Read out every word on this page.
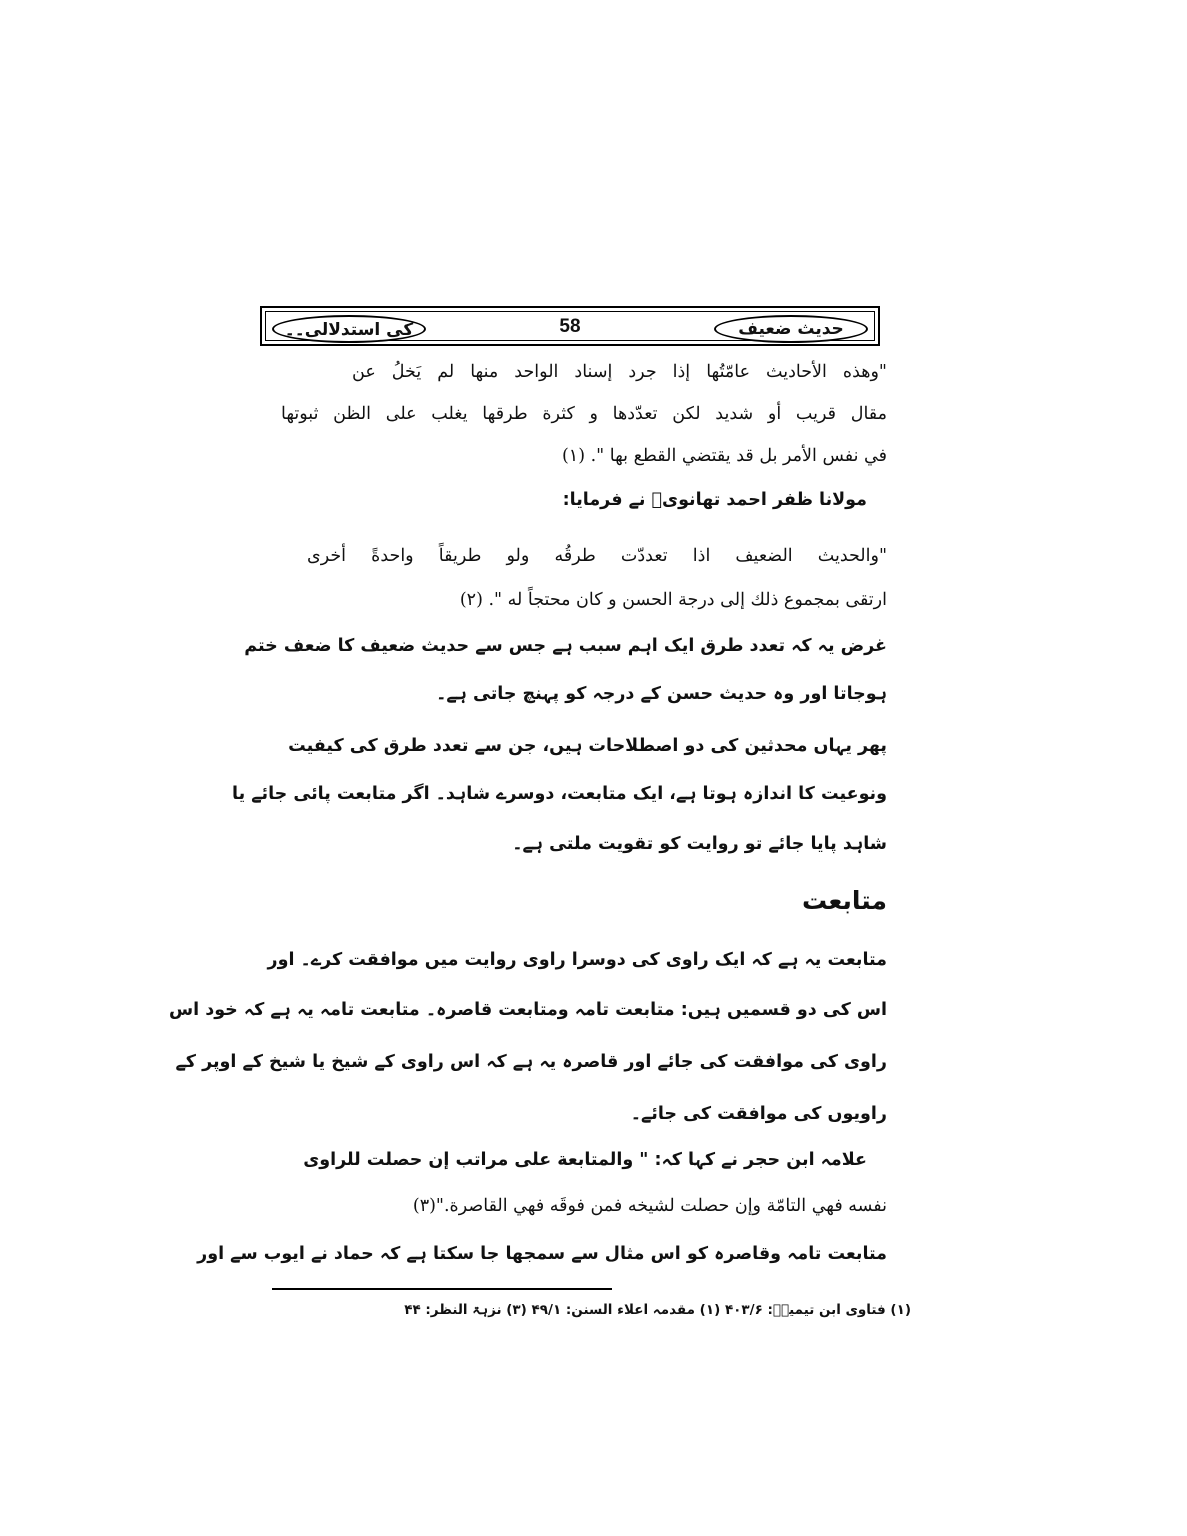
حدیث ضعیف
58
کی استدلالی۔۔
"وهذه الأحاديث عامّتُها إذا جرد إسناد الواحد منها لم يَخلُ عن
مقال قريب أو شديد لكن تعدّدها و كثرة طرقها يغلب على الظن ثبوتها
في نفس الأمر بل قد يقتضي القطع بها ". (۱)
مولانا ظفر احمد تھانویؒ نے فرمایا:
"والحديث الضعيف اذا تعددّت طرقُه ولو طريقاً واحدةً أخرى
ارتقى بمجموع ذلك إلى درجة الحسن و كان محتجاً له ". (۲)
غرض یہ کہ تعدد طرق ایک اہم سبب ہے جس سے حدیث ضعیف کا ضعف ختم
ہوجاتا اور وہ حدیث حسن کے درجہ کو پہنچ جاتی ہے۔
پھر یہاں محدثین کی دو اصطلاحات ہیں، جن سے تعدد طرق کی کیفیت
ونوعیت کا اندازہ ہوتا ہے، ایک متابعت، دوسرے شاہد۔ اگر متابعت پائی جائے یا
شاہد پایا جائے تو روایت کو تقویت ملتی ہے۔
متابعت
متابعت یہ ہے کہ ایک راوی کی دوسرا راوی روایت میں موافقت کرے۔ اور
اس کی دو قسمیں ہیں: متابعت تامہ ومتابعت قاصرہ۔ متابعت تامہ یہ ہے کہ خود اس
راوی کی موافقت کی جائے اور قاصرہ یہ ہے کہ اس راوی کے شیخ یا شیخ کے اوپر کے
راویوں کی موافقت کی جائے۔
علامہ ابن حجر نے کہا کہ: " والمتابعة على مراتب إن حصلت للراوى
نفسه فهي التامّة وإن حصلت لشيخه فمن فوقَه فهي القاصرة."(۳)
متابعت تامہ وقاصرہ کو اس مثال سے سمجھا جا سکتا ہے کہ حماد نے ایوب سے اور
(۱) فتاوی ابن تیمیہؒ: ۴۰۳/۶ (۱) مقدمہ اعلاء السنن: ۴۹/۱ (۳) نزہۃ النظر: ۴۴
